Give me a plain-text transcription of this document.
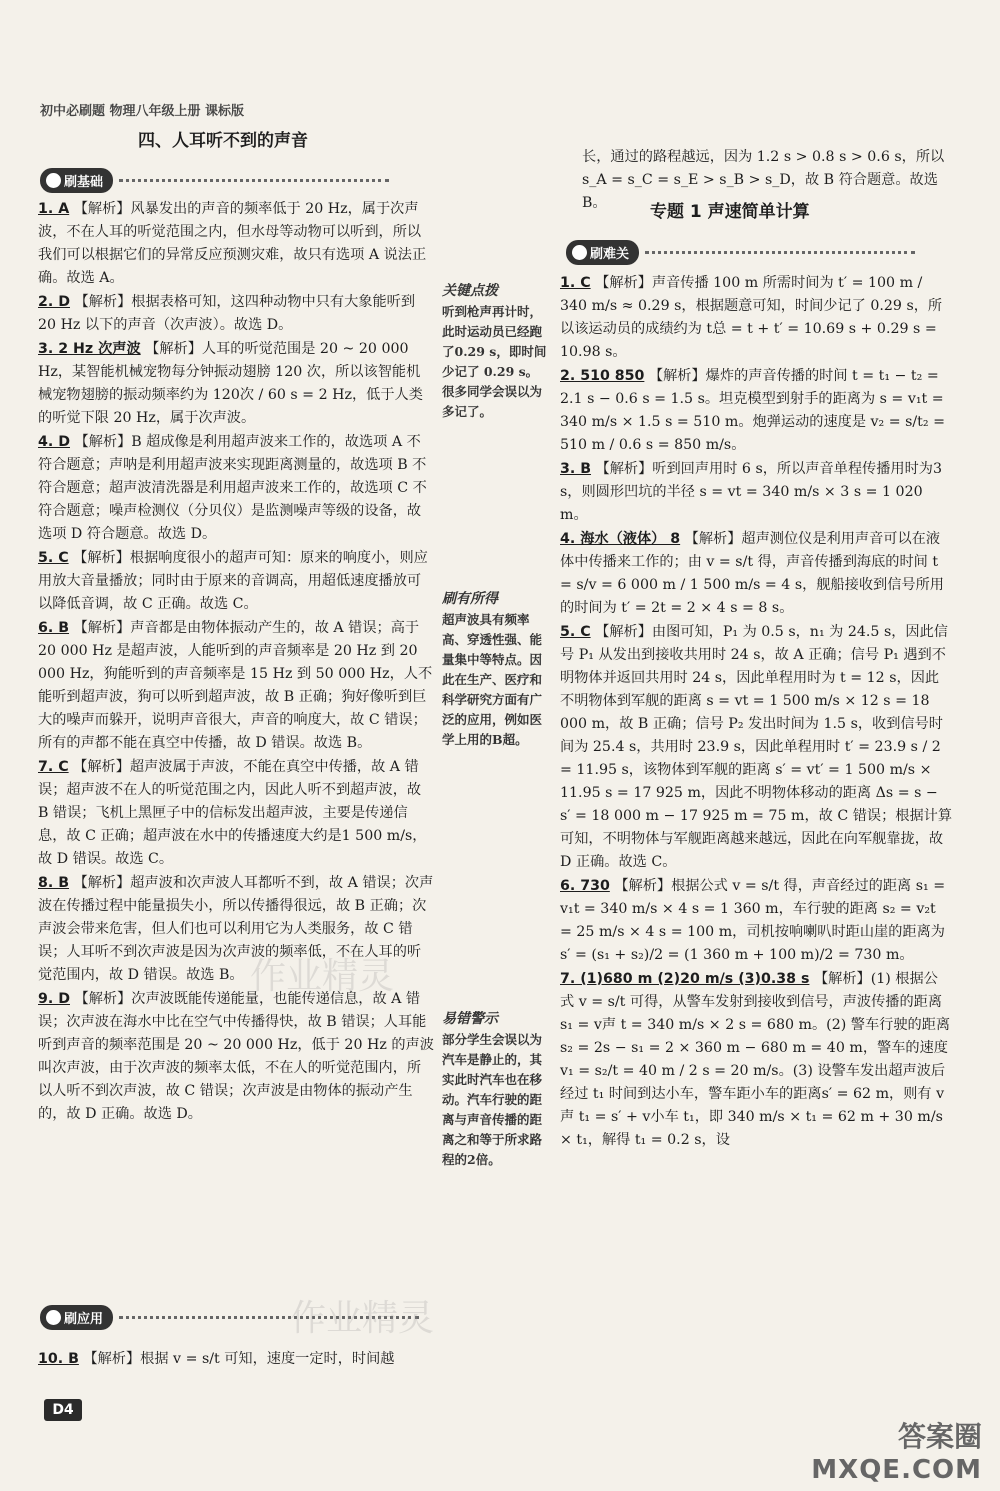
初中必刷题 物理八年级上册 课标版
四、人耳听不到的声音
专题 1 声速简单计算
刷基础

1. A 【解析】风暴发出的声音的频率低于 20 Hz，属于次声波，不在人耳的听觉范围之内，但水母等动物可以听到，所以我们可以根据它们的异常反应预测灾难，故只有选项 A 说法正确。故选 A。

2. D 【解析】根据表格可知，这四种动物中只有大象能听到 20 Hz 以下的声音（次声波）。故选 D。

3. 2 Hz 次声波 【解析】人耳的听觉范围是 20 ~ 20 000 Hz，某智能机械宠物每分钟振动翅膀 120 次，所以该智能机械宠物翅膀的振动频率约为 120次 / 60 s = 2 Hz，低于人类的听觉下限 20 Hz，属于次声波。

4. D 【解析】B 超成像是利用超声波来工作的，故选项 A 不符合题意；声呐是利用超声波来实现距离测量的，故选项 B 不符合题意；超声波清洗器是利用超声波来工作的，故选项 C 不符合题意；噪声检测仪（分贝仪）是监测噪声等级的设备，故选项 D 符合题意。故选 D。

5. C 【解析】根据响度很小的超声可知：原来的响度小，则应用放大音量播放；同时由于原来的音调高，用超低速度播放可以降低音调，故 C 正确。故选 C。

6. B 【解析】声音都是由物体振动产生的，故 A 错误；高于 20 000 Hz 是超声波，人能听到的声音频率是 20 Hz 到 20 000 Hz，狗能听到的声音频率是 15 Hz 到 50 000 Hz，人不能听到超声波，狗可以听到超声波，故 B 正确；狗好像听到巨大的噪声而躲开，说明声音很大，声音的响度大，故 C 错误；所有的声都不能在真空中传播，故 D 错误。故选 B。

7. C 【解析】超声波属于声波，不能在真空中传播，故 A 错误；超声波不在人的听觉范围之内，因此人听不到超声波，故 B 错误；飞机上黑匣子中的信标发出超声波，主要是传递信息，故 C 正确；超声波在水中的传播速度大约是1 500 m/s，故 D 错误。故选 C。

8. B 【解析】超声波和次声波人耳都听不到，故 A 错误；次声波在传播过程中能量损失小，所以传播得很远，故 B 正确；次声波会带来危害，但人们也可以利用它为人类服务，故 C 错误；人耳听不到次声波是因为次声波的频率低，不在人耳的听觉范围内，故 D 错误。故选 B。

9. D 【解析】次声波既能传递能量，也能传递信息，故 A 错误；次声波在海水中比在空气中传播得快，故 B 错误；人耳能听到声音的频率范围是 20 ~ 20 000 Hz，低于 20 Hz 的声波叫次声波，由于次声波的频率太低，不在人的听觉范围内，所以人听不到次声波，故 C 错误；次声波是由物体的振动产生的，故 D 正确。故选 D。

刷应用

10. B 【解析】根据 v = s/t 可知，速度一定时，时间越

关键点拨
听到枪声再计时，此时运动员已经跑了0.29 s，即时间少记了 0.29 s。很多同学会误以为多记了。
刷有所得
超声波具有频率高、穿透性强、能量集中等特点。因此在生产、医疗和科学研究方面有广泛的应用，例如医学上用的B超。
易错警示
部分学生会误以为汽车是静止的，其实此时汽车也在移动。汽车行驶的距离与声音传播的距离之和等于所求路程的2倍。

长，通过的路程越远，因为 1.2 s > 0.8 s > 0.6 s，所以 s_A = s_C = s_E > s_B > s_D，故 B 符合题意。故选 B。

刷难关

1. C 【解析】声音传播 100 m 所需时间为 t′ = 100 m / 340 m/s ≈ 0.29 s，根据题意可知，时间少记了 0.29 s，所以该运动员的成绩约为 t总 = t + t′ = 10.69 s + 0.29 s = 10.98 s。

2. 510 850 【解析】爆炸的声音传播的时间 t = t₁ − t₂ = 2.1 s − 0.6 s = 1.5 s。坦克模型到射手的距离为 s = v₁t = 340 m/s × 1.5 s = 510 m。炮弹运动的速度是 v₂ = s/t₂ = 510 m / 0.6 s = 850 m/s。

3. B 【解析】听到回声用时 6 s，所以声音单程传播用时为3 s，则圆形凹坑的半径 s = vt = 340 m/s × 3 s = 1 020 m。

4. 海水（液体） 8 【解析】超声测位仪是利用声音可以在液体中传播来工作的；由 v = s/t 得，声音传播到海底的时间 t = s/v = 6 000 m / 1 500 m/s = 4 s，舰船接收到信号所用的时间为 t′ = 2t = 2 × 4 s = 8 s。

5. C 【解析】由图可知，P₁ 为 0.5 s，n₁ 为 24.5 s，因此信号 P₁ 从发出到接收共用时 24 s，故 A 正确；信号 P₁ 遇到不明物体并返回共用时 24 s，因此单程用时为 t = 12 s，因此不明物体到军舰的距离 s = vt = 1 500 m/s × 12 s = 18 000 m，故 B 正确；信号 P₂ 发出时间为 1.5 s，收到信号时间为 25.4 s，共用时 23.9 s，因此单程用时 t′ = 23.9 s / 2 = 11.95 s，该物体到军舰的距离 s′ = vt′ = 1 500 m/s × 11.95 s = 17 925 m，因此不明物体移动的距离 Δs = s − s′ = 18 000 m − 17 925 m = 75 m，故 C 错误；根据计算可知，不明物体与军舰距离越来越远，因此在向军舰靠拢，故 D 正确。故选 C。

6. 730 【解析】根据公式 v = s/t 得，声音经过的距离 s₁ = v₁t = 340 m/s × 4 s = 1 360 m，车行驶的距离 s₂ = v₂t = 25 m/s × 4 s = 100 m，司机按响喇叭时距山崖的距离为 s′ = (s₁ + s₂)/2 = (1 360 m + 100 m)/2 = 730 m。

7. (1)680 m (2)20 m/s (3)0.38 s 【解析】(1) 根据公式 v = s/t 可得，从警车发射到接收到信号，声波传播的距离 s₁ = v声 t = 340 m/s × 2 s = 680 m。(2) 警车行驶的距离 s₂ = 2s − s₁ = 2 × 360 m − 680 m = 40 m，警车的速度 v₁ = s₂/t = 40 m / 2 s = 20 m/s。(3) 设警车发出超声波后经过 t₁ 时间到达小车，警车距小车的距离s′ = 62 m，则有 v声 t₁ = s′ + v小车 t₁，即 340 m/s × t₁ = 62 m + 30 m/s × t₁，解得 t₁ = 0.2 s，设

D4
作业精灵
作业精灵
答案圈
MXQE.COM
